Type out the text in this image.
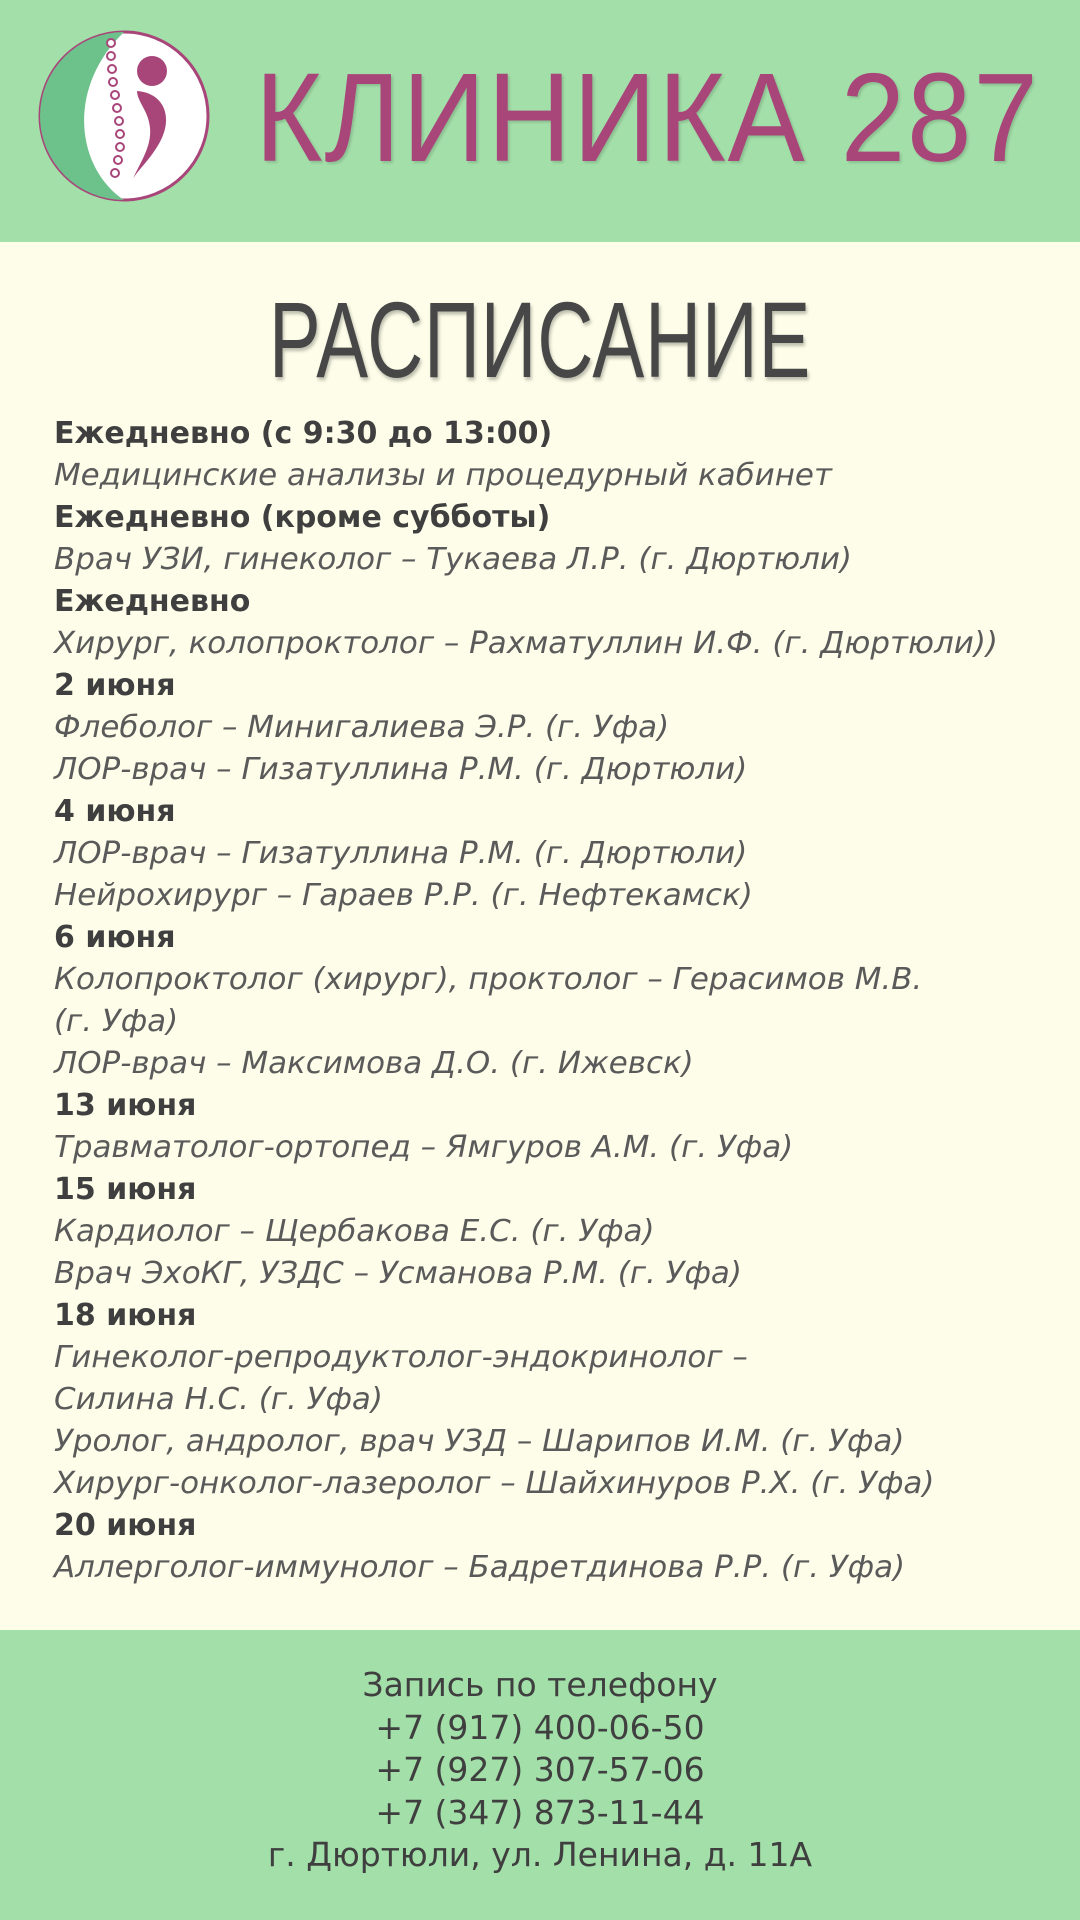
КЛИНИКА 287
РАСПИСАНИЕ
Ежедневно (с 9:30 до 13:00)
Медицинские анализы и процедурный кабинет
Ежедневно (кроме субботы)
Врач УЗИ, гинеколог – Тукаева Л.Р. (г. Дюртюли)
Ежедневно
Хирург, колопроктолог – Рахматуллин И.Ф. (г. Дюртюли))
2 июня
Флеболог – Минигалиева Э.Р. (г. Уфа)
ЛОР-врач – Гизатуллина Р.М. (г. Дюртюли)
4 июня
ЛОР-врач – Гизатуллина Р.М. (г. Дюртюли)
Нейрохирург – Гараев Р.Р. (г. Нефтекамск)
6 июня
Колопроктолог (хирург), проктолог – Герасимов М.В.
(г. Уфа)
ЛОР-врач – Максимова Д.О. (г. Ижевск)
13 июня
Травматолог-ортопед – Ямгуров А.М. (г. Уфа)
15 июня
Кардиолог – Щербакова Е.С. (г. Уфа)
Врач ЭхоКГ, УЗДС – Усманова Р.М. (г. Уфа)
18 июня
Гинеколог-репродуктолог-эндокринолог –
Силина Н.С. (г. Уфа)
Уролог, андролог, врач УЗД – Шарипов И.М. (г. Уфа)
Хирург-онколог-лазеролог – Шайхинуров Р.Х. (г. Уфа)
20 июня
Аллерголог-иммунолог – Бадретдинова Р.Р. (г. Уфа)
Запись по телефону
+7 (917) 400-06-50
+7 (927) 307-57-06
+7 (347) 873-11-44
г. Дюртюли, ул. Ленина, д. 11А
